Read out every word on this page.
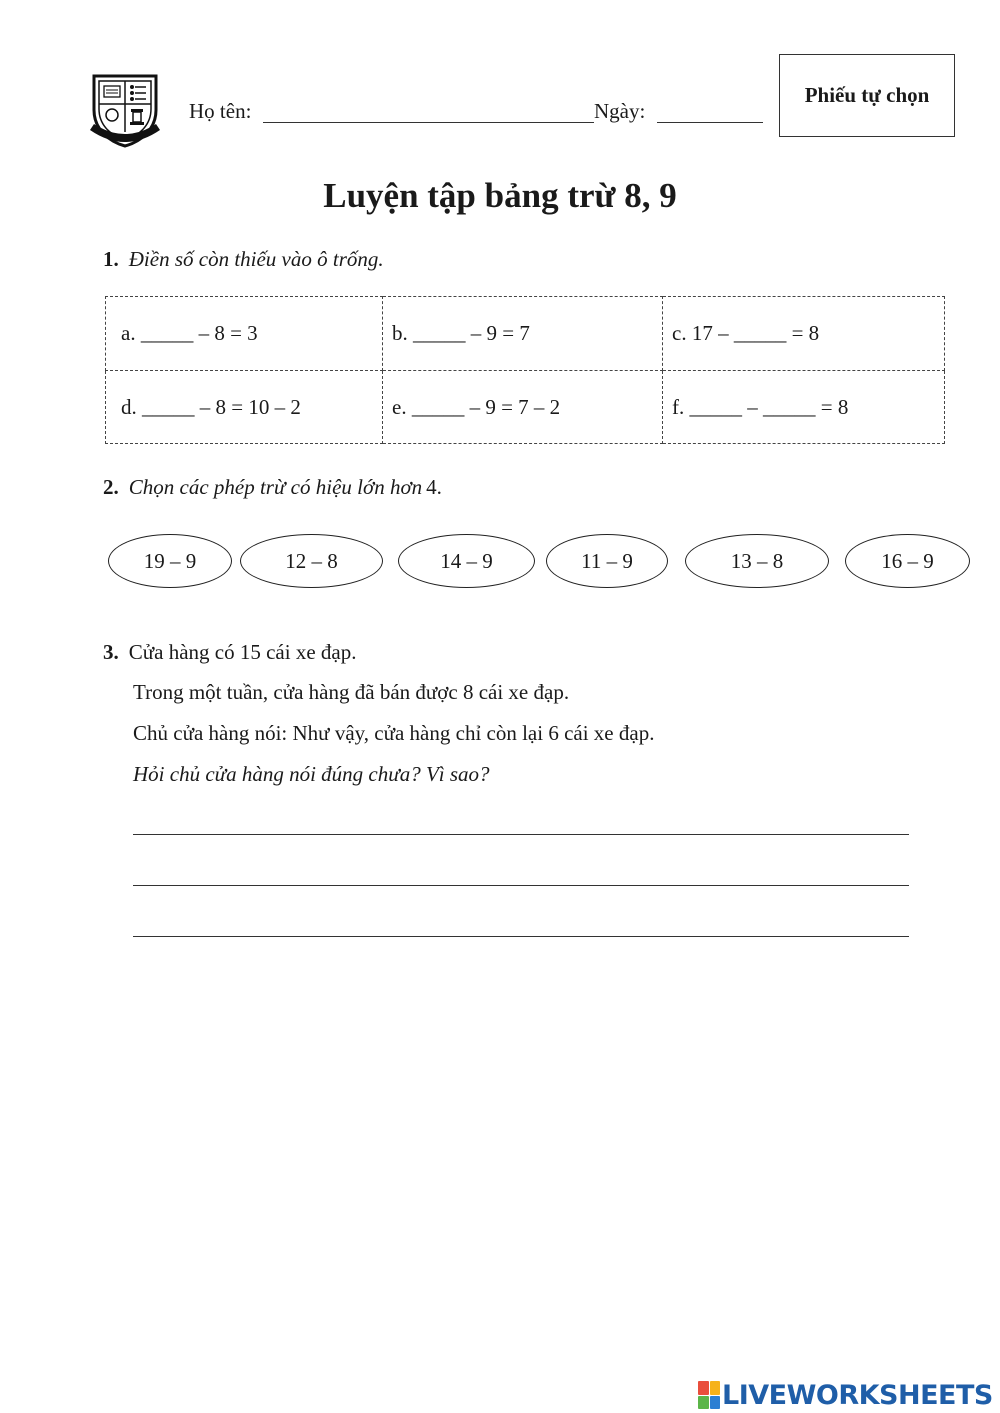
Họ tên:	Ngày:
Phiếu tự chọn
Luyện tập bảng trừ 8, 9
1. Điền số còn thiếu vào ô trống.
a. _____ – 8 = 3	b. _____ – 9 = 7	c. 17 – _____ = 8
d. _____ – 8 = 10 – 2	e. _____ – 9 = 7 – 2	f. _____ – _____ = 8
2. Chọn các phép trừ có hiệu lớn hơn 4.
19 – 9	12 – 8	14 – 9	11 – 9	13 – 8	16 – 9
3. Cửa hàng có 15 cái xe đạp.
Trong một tuần, cửa hàng đã bán được 8 cái xe đạp.
Chủ cửa hàng nói: Như vậy, cửa hàng chỉ còn lại 6 cái xe đạp.
Hỏi chủ cửa hàng nói đúng chưa? Vì sao?
LIVEWORKSHEETS
